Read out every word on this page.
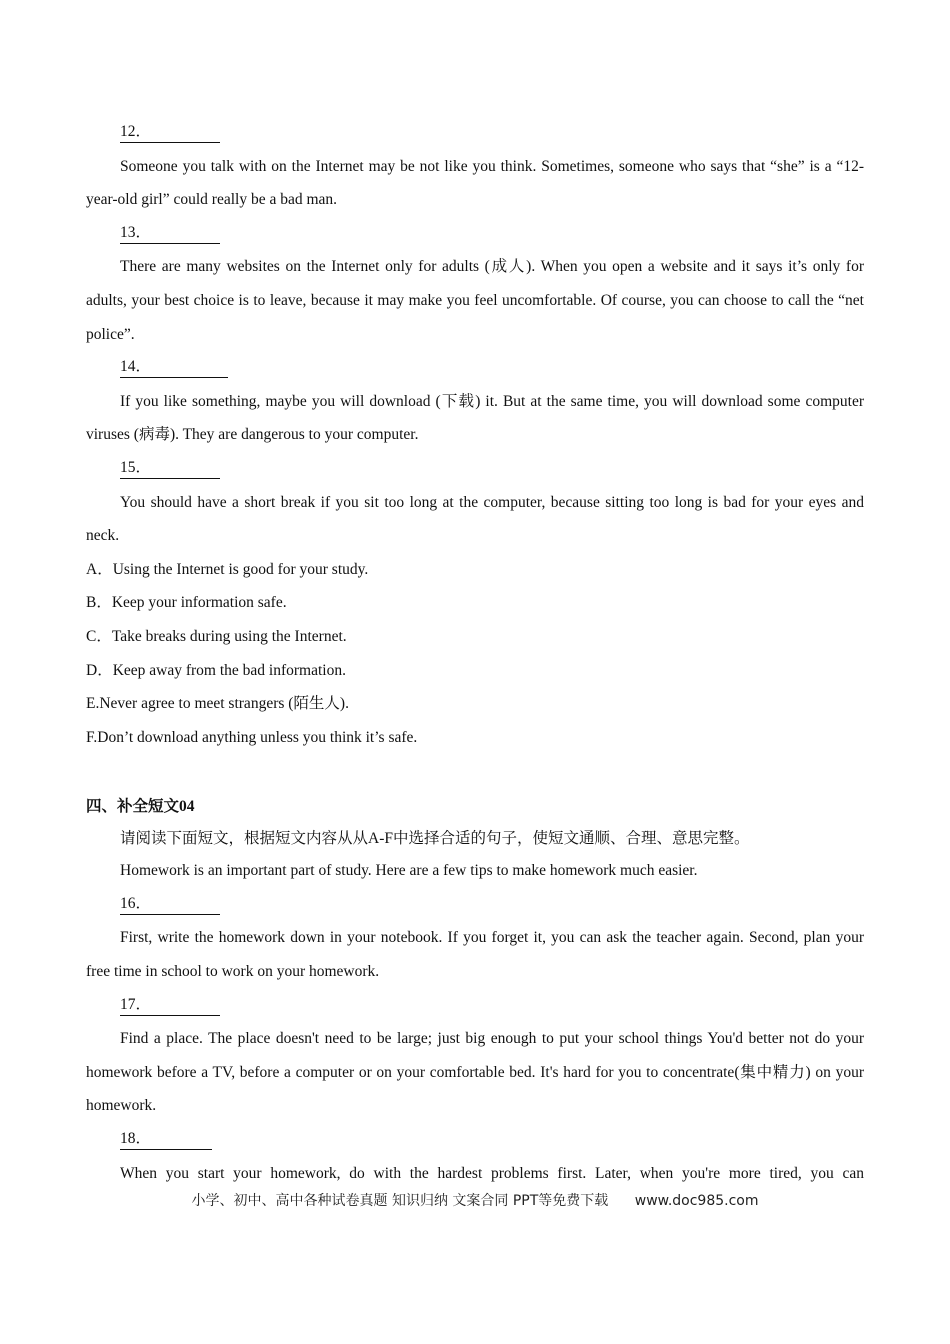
12．

Someone you talk with on the Internet may be not like you think. Sometimes, someone who says that “she” is a “12-year-old girl” could really be a bad man.

13．

There are many websites on the Internet only for adults (成人). When you open a website and it says it’s only for adults, your best choice is to leave, because it may make you feel uncomfortable. Of course, you can choose to call the “net police”.

14．

If you like something, maybe you will download (下载) it. But at the same time, you will download some computer viruses (病毒). They are dangerous to your computer.

15．

You should have a short break if you sit too long at the computer, because sitting too long is bad for your eyes and neck.

A．Using the Internet is good for your study.

B．Keep your information safe.

C．Take breaks during using the Internet.

D．Keep away from the bad information.

E.Never agree to meet strangers (陌生人).

F.Don’t download anything unless you think it’s safe.

四、补全短文04

请阅读下面短文，根据短文内容从从A-F中选择合适的句子，使短文通顺、合理、意思完整。

Homework is an important part of study. Here are a few tips to make homework much easier.

16．

First, write the homework down in your notebook. If you forget it, you can ask the teacher again. Second, plan your free time in school to work on your homework.

17．

Find a place. The place doesn't need to be large; just big enough to put your school things You'd better not do your homework before a TV, before a computer or on your comfortable bed. It's hard for you to concentrate(集中精力) on your homework.

18．

When you start your homework, do with the hardest problems first. Later, when you're more tired, you can

小学、初中、高中各种试卷真题 知识归纳 文案合同 PPT等免费下载 www.doc985.com
